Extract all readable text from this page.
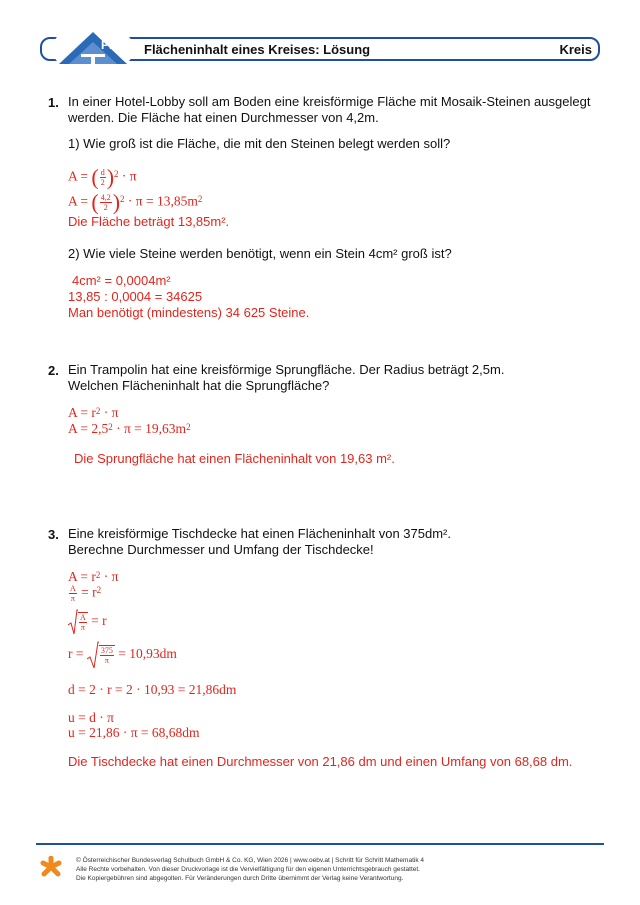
Plus Flächeninhalt eines Kreises: Lösung	Kreis
1. In einer Hotel-Lobby soll am Boden eine kreisförmige Fläche mit Mosaik-Steinen ausgelegt
werden. Die Fläche hat einen Durchmesser von 4,2m.
1) Wie groß ist die Fläche, die mit den Steinen belegt werden soll?
A = ( $\frac{d}{2} )^2 \cdot \pi$
A = ( $\frac{4,2}{2} )^2 \cdot \pi = 13,85m^2$
Die Fläche beträgt 13,85m².
2) Wie viele Steine werden benötigt, wenn ein Stein 4cm² groß ist?
4cm² = 0,0004m²
13,85 : 0,0004 = 34625
Man benötigt (mindestens) 34 625 Steine.
2. Ein Trampolin hat eine kreisförmige Sprungfläche. Der Radius beträgt 2,5m.
Welchen Flächeninhalt hat die Sprungfläche?
$A = r^2 \cdot \pi$
$A = 2,5^2 \cdot \pi = 19,63m^2$
Die Sprungfläche hat einen Flächeninhalt von 19,63 m².
3. Eine kreisförmige Tischdecke hat einen Flächeninhalt von 375dm².
Berechne Durchmesser und Umfang der Tischdecke!
$A = r^2 \cdot \pi$
$\frac{A}{\pi} = r^2$
$\frac{A}{\pi} = r$
$r = \frac{375}{\pi} = 10,93dm$
d = 2 · r = 2 · 10,93 = 21,86dm
u = d · π
u = 21,86 · π = 68,68dm
Die Tischdecke hat einen Durchmesser von 21,86 dm und einen Umfang von 68,68 dm.
© Österreichischer Bundesverlag Schulbuch GmbH & Co. KG, Wien 2026 | www.oebv.at | Schritt für Schritt Mathematik 4
Alle Rechte vorbehalten. Von dieser Druckvorlage ist die Vervielfältigung für den eigenen Unterrichtsgebrauch gestattet.
Die Kopiergebühren sind abgegolten. Für Veränderungen durch Dritte übernimmt der Verlag keine Verantwortung.
